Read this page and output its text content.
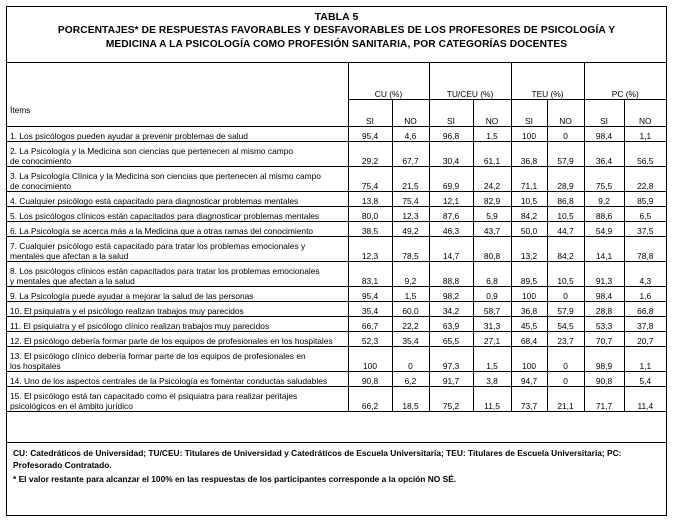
TABLA 5
PORCENTAJES* DE RESPUESTAS FAVORABLES Y DESFAVORABLES DE LOS PROFESORES DE PSICOLOGÍA Y
MEDICINA A LA PSICOLOGÍA COMO PROFESIÓN SANITARIA, POR CATEGORÍAS DOCENTES
Ítems	CU (%)		TU/CEU (%)		TEU (%)		PC (%)	
	SI	NO	SI	NO	SI	NO	SI	NO

1. Los psicólogos pueden ayudar a prevenir problemas de salud	95,4	4,6	96,8	1,5	100	0	98,4	1,1

2. La Psicología y la Medicina son ciencias que pertenecen al mismo campo
de conocimiento	29,2	67,7	30,4	61,1	36,8	57,9	36,4	56,5

3. La Psicología Clínica y la Medicina son ciencias que pertenecen al mismo campo
de conocimiento	75,4	21,5	69,9	24,2	71,1	28,9	75,5	22,8

4. Cualquier psicólogo está capacitado para diagnosticar problemas mentales	13,8	75,4	12,1	82,9	10,5	86,8	9,2	85,9

5. Los psicólogos clínicos están capacitados para diagnosticar problemas mentales	80,0	12,3	87,6	5,9	84,2	10,5	88,6	6,5

6. La Psicología se acerca más a la Medicina que a otras ramas del conocimiento	38,5	49,2	46,3	43,7	50,0	44,7	54,9	37,5

7. Cualquier psicólogo está capacitado para tratar los problemas emocionales y
mentales que afectan a la salud	12,3	78,5	14,7	80,8	13,2	84,2	14,1	78,8

8. Los psicólogos clínicos están capacitados para tratar los problemas emocionales
y mentales que afectan a la salud	83,1	9,2	88,8	6,8	89,5	10,5	91,3	4,3

9. La Psicología puede ayudar a mejorar la salud de las personas	95,4	1,5	98,2	0,9	100	0	98,4	1,6

10. El psiquiatra y el psicólogo realizan trabajos muy parecidos	35,4	60,0	34,2	58,7	36,8	57,9	28,8	66,8

11. El psiquiatra y el psicólogo clínico realizan trabajos muy parecidos	66,7	22,2	63,9	31,3	45,5	54,5	53,3	37,8

12. El psicólogo debería formar parte de los equipos de profesionales en los hospitales	52,3	35,4	65,5	27,1	68,4	23,7	70,7	20,7

13. El psicólogo clínico debería formar parte de los equipos de profesionales en
los hospitales	100	0	97,3	1,5	100	0	98,9	1,1

14. Uno de los aspectos centrales de la Psicología es fomentar conductas saludables	90,8	6,2	91,7	3,8	94,7	0	90,8	5,4

15. El psicólogo está tan capacitado como el psiquiatra para realizar peritajes
psicológicos en el ámbito jurídico	66,2	18,5	75,2	11,5	73,7	21,1	71,7	11,4

CU: Catedráticos de Universidad; TU/CEU: Titulares de Universidad y Catedráticos de Escuela Universitaria; TEU: Titulares de Escuela Universitaria; PC: Profesorado Contratado.

* El valor restante para alcanzar el 100% en las respuestas de los participantes corresponde a la opción NO SÉ.
